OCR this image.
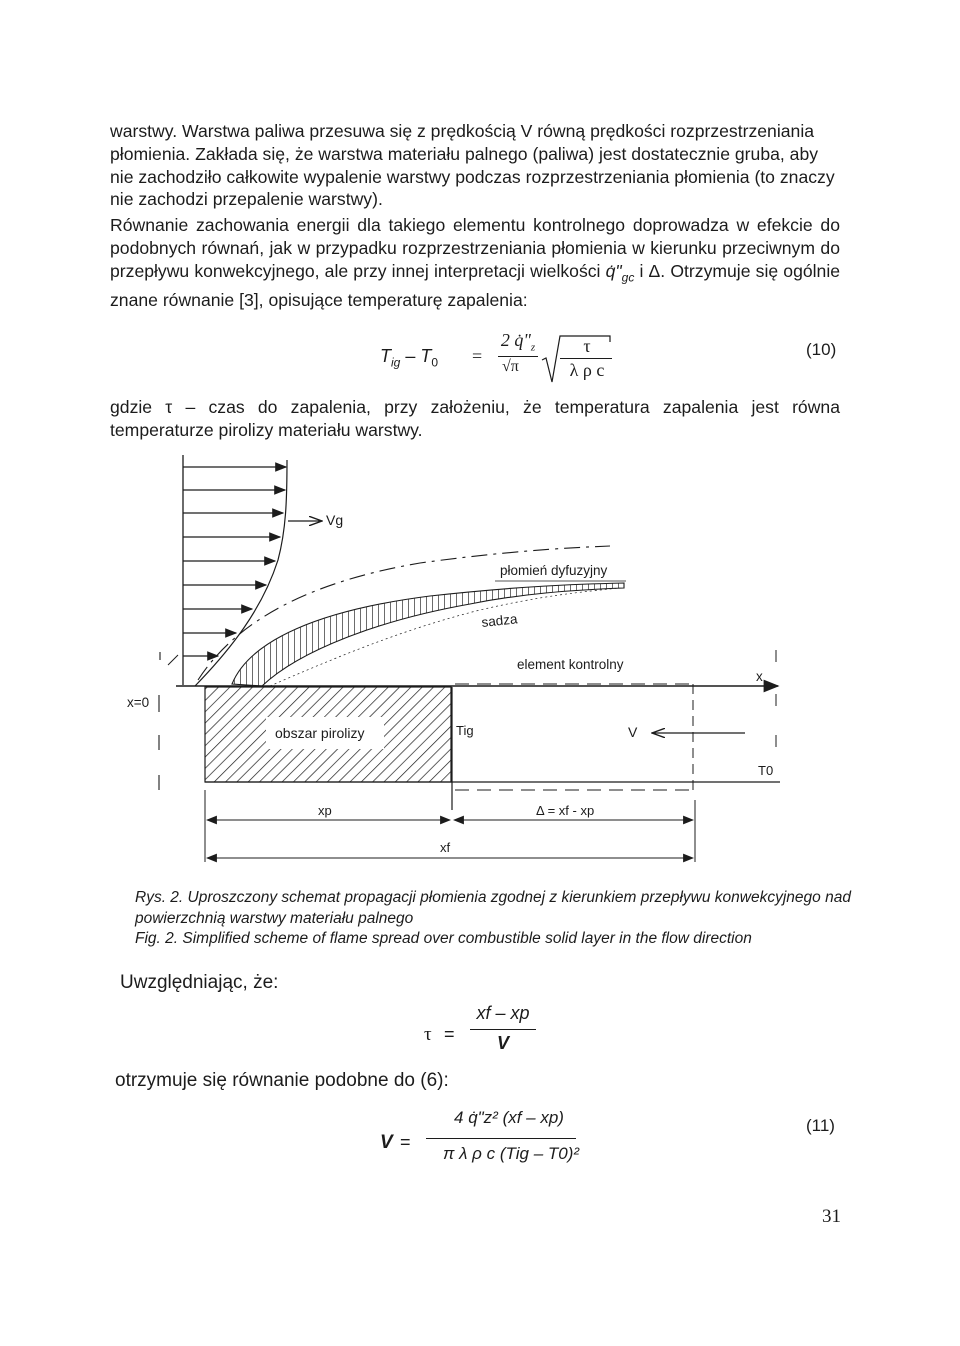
warstwy. Warstwa paliwa przesuwa się z prędkością V równą prędkości rozprzestrzeniania płomienia. Zakłada się, że warstwa materiału palnego (paliwa) jest dostatecznie gruba, aby nie zachodziło całkowite wypalenie warstwy podczas rozprzestrzeniania płomienia (to znaczy nie zachodzi przepalenie warstwy).

Równanie zachowania energii dla takiego elementu kontrolnego doprowadza w efekcie do podobnych równań, jak w przypadku rozprzestrzeniania płomienia w kierunku przeciwnym do przepływu konwekcyjnego, ale przy innej interpretacji wielkości $q̇"_{gc}$ i Δ. Otrzymuje się ogólnie znane równanie [3], opisujące temperaturę zapalenia:

$T_{ig} - T_0$ =
2 $q̇"_z$
√π
τ
λ ρ c
(10)

gdzie τ – czas do zapalenia, przy założeniu, że temperatura zapalenia jest równa temperaturze pirolizy materiału warstwy.

Vg
płomień dyfuzyjny
sadza
element kontrolny
x
x=0
obszar pirolizy	Tig	V
T0
xp	Δ = xf - xp
xf

Rys. 2. Uproszczony schemat propagacji płomienia zgodnej z kierunkiem przepływu konwekcyjnego nad powierzchnią warstwy materiału palnego

Fig. 2. Simplified scheme of flame spread over combustible solid layer in the flow direction

Uwzględniając, że:

τ =
xf – xp
V

otrzymuje się równanie podobne do (6):

V =
4 q̇"z² (xf – xp)
π λ ρ c (Tig – T0)²
(11)
31
